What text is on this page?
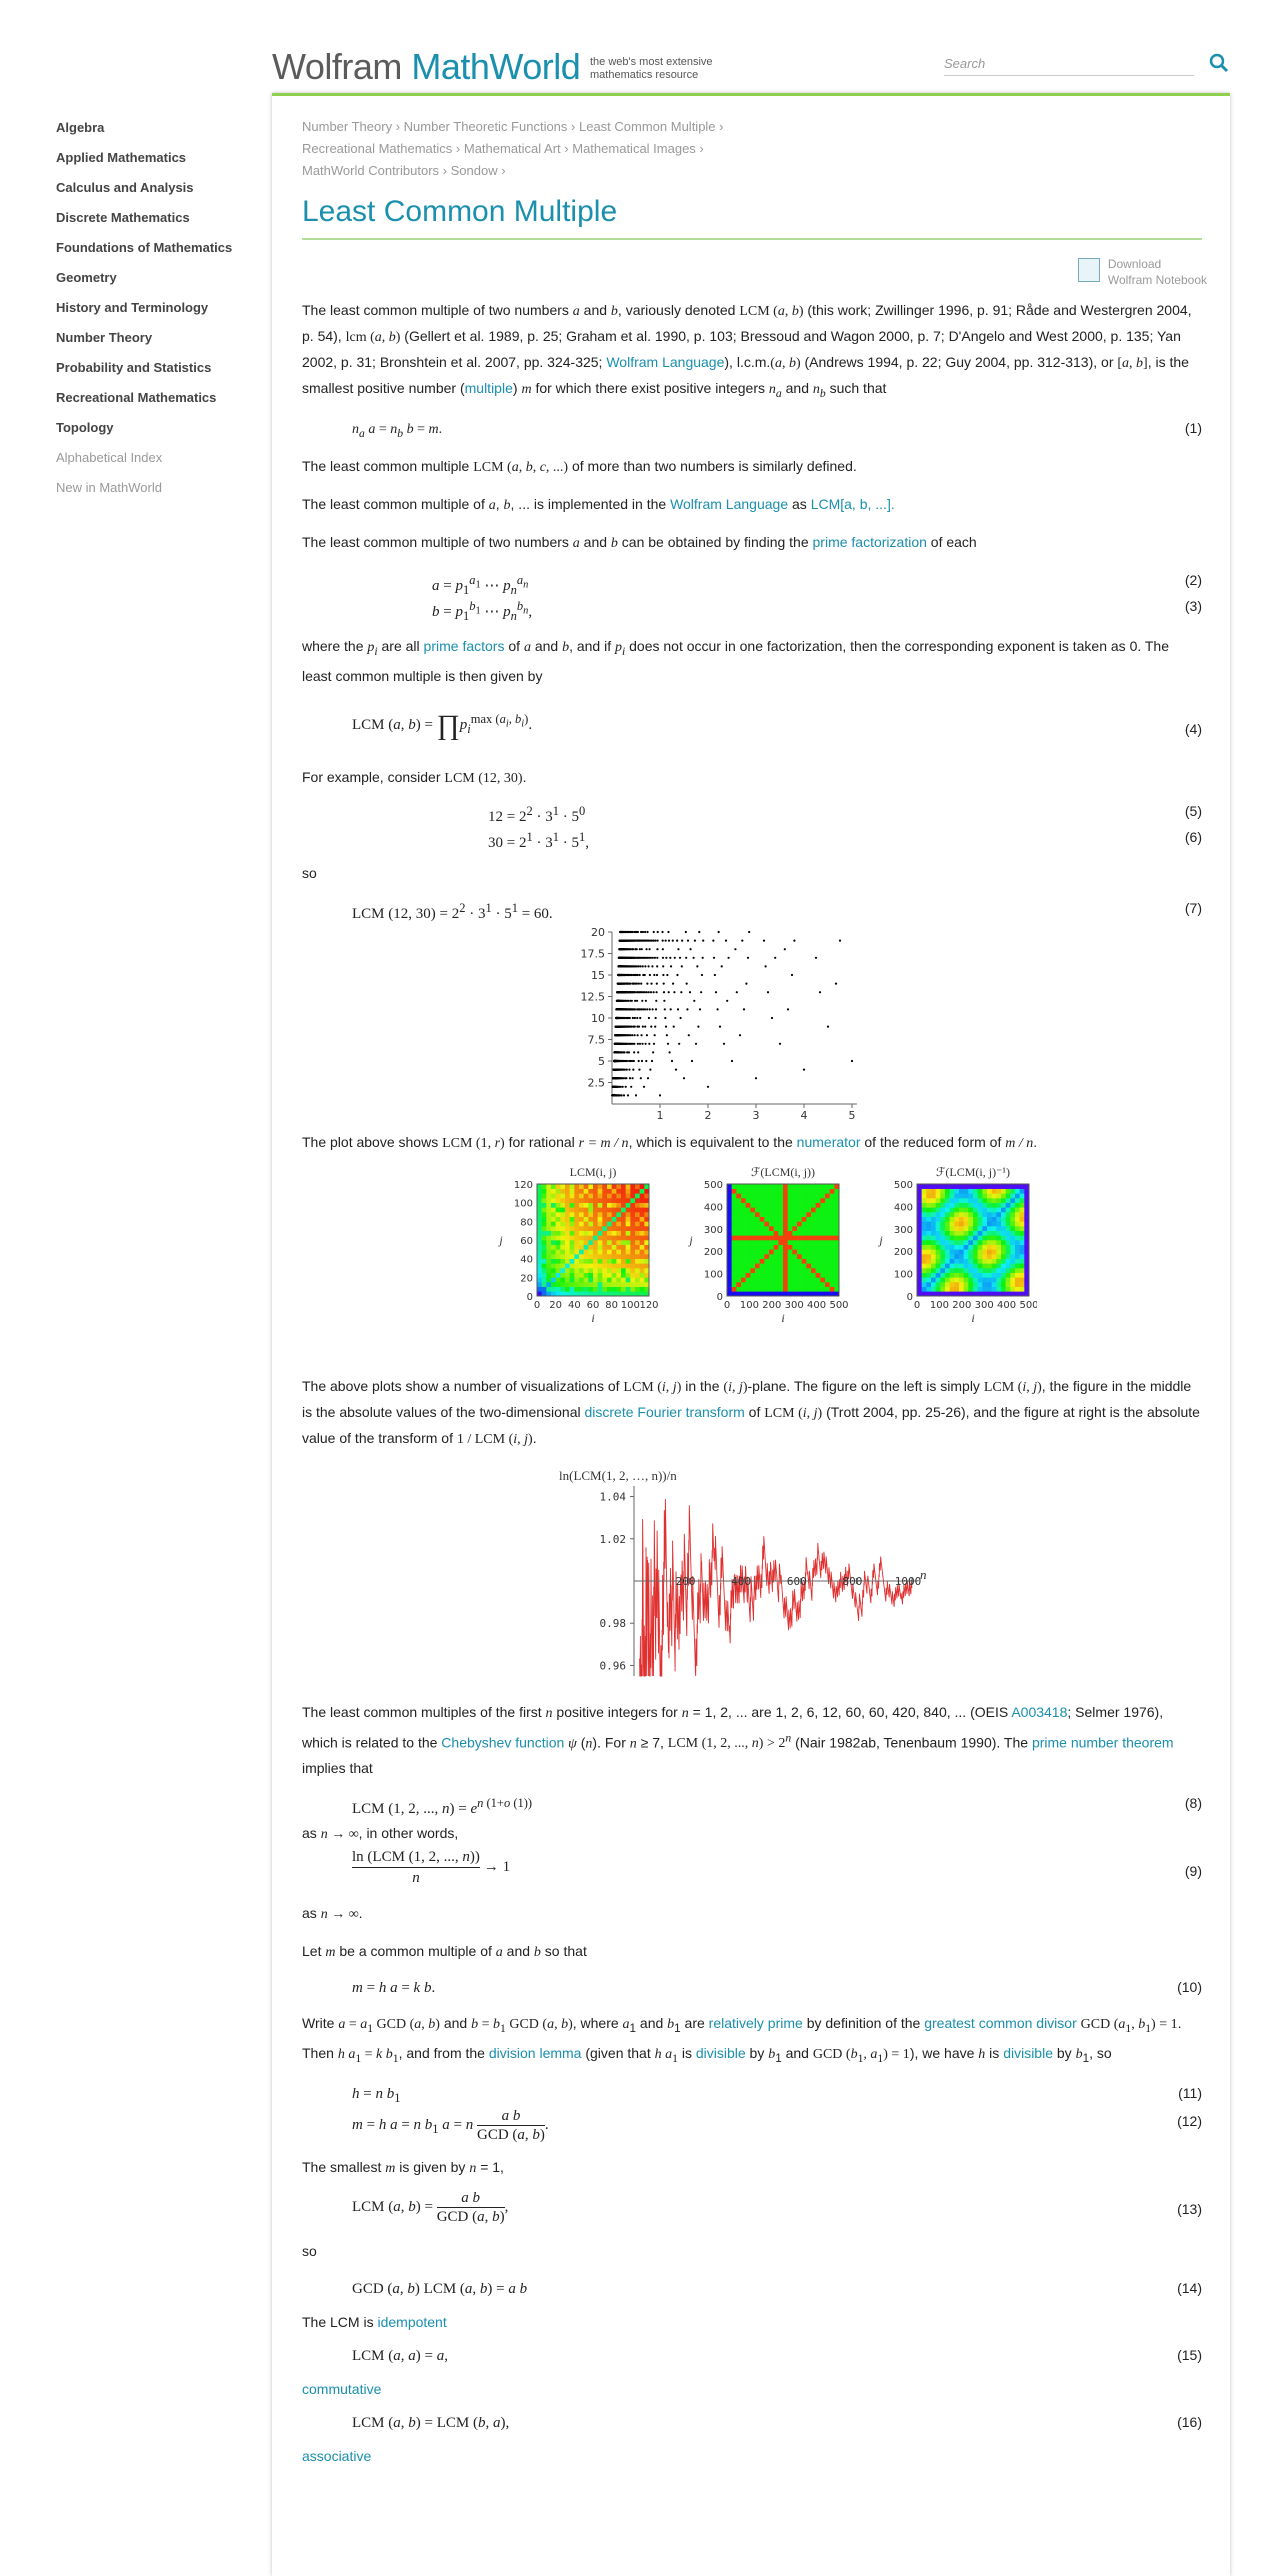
Wolfram MathWorld the web's most extensive mathematics resource
Search
Algebra
Applied Mathematics
Calculus and Analysis
Discrete Mathematics
Foundations of Mathematics
Geometry
History and Terminology
Number Theory
Probability and Statistics
Recreational Mathematics
Topology
Alphabetical Index
New in MathWorld
Number Theory › Number Theoretic Functions › Least Common Multiple ›
Recreational Mathematics › Mathematical Art › Mathematical Images ›
MathWorld Contributors › Sondow ›
Least Common Multiple
Download
Wolfram Notebook

The least common multiple of two numbers a and b, variously denoted LCM (a, b) (this work; Zwillinger 1996, p. 91; Råde and Westergren 2004, p. 54), lcm (a, b) (Gellert et al. 1989, p. 25; Graham et al. 1990, p. 103; Bressoud and Wagon 2000, p. 7; D'Angelo and West 2000, p. 135; Yan 2002, p. 31; Bronshtein et al. 2007, pp. 324-325; Wolfram Language), l.c.m.(a, b) (Andrews 1994, p. 22; Guy 2004, pp. 312-313), or [a, b], is the smallest positive number (multiple) m for which there exist positive integers $n_a$ and $n_b$ such that

$n_a$ $a = n_b$ b = m.	(1)

The least common multiple LCM (a, b, c, ...) of more than two numbers is similarly defined.

The least common multiple of a, b, ... is implemented in the Wolfram Language as LCM[a, b, ...].

The least common multiple of two numbers a and b can be obtained by finding the prime factorization of each

$a = p_1^{a_1}$ ⋯ $p_n^{a_n}$	(2)
$b = p_1^{b_1}$ ⋯ $p_n^{b_n}$,	(3)

where the $p_i$ are all prime factors of a and b, and if $p_i$ does not occur in one factorization, then the corresponding exponent is taken as 0. The least common multiple is then given by

LCM (a, $b) = \prod p_i^{max (a_i, b_i)}$.	(4)

For example, consider LCM (12, 30).

$12 = 2^2 \cdot 3^1 \cdot 5^0$	(5)
$30 = 2^1 \cdot 3^1 \cdot 5^1$,	(6)

so

LCM (12, $30) = 2^2 \cdot 3^1 \cdot 5^1 = 60$.	(7)
1	2	3	4	5
2.5
5
7.5
10
12.5
15
17.5
20

The plot above shows LCM (1, r) for rational r = m / n, which is equivalent to the numerator of the reduced form of m / n.

LCM(i, j)
0 20 40 60 80 100 120
0
20
40
60
80
100
120
i
j
ℱ(LCM(i, j))
0 100 200 300 400 500
0
100
200
300
400
500
i
j
ℱ(LCM(i, j)⁻¹)
0 100 200 300 400 500
0
100
200
300
400
500
i
j

The above plots show a number of visualizations of LCM (i, j) in the (i, j)-plane. The figure on the left is simply LCM (i, j), the figure in the middle is the absolute values of the two-dimensional discrete Fourier transform of LCM (i, j) (Trott 2004, pp. 25-26), and the figure at right is the absolute value of the transform of 1 / LCM (i, j).

ln(LCM(1, 2, …, n))/n
200	400	600	800	1000
n
1.04
1.02
0.98
0.96

The least common multiples of the first n positive integers for n = 1, 2, ... are 1, 2, 6, 12, 60, 60, 420, 840, ... (OEIS A003418; Selmer 1976), which is related to the Chebyshev function ψ (n). For n ≥ 7, LCM (1, 2, ..., $n) > 2^n$ (Nair 1982ab, Tenenbaum 1990). The prime number theorem implies that

LCM (1, 2, ..., $n) = e^{n (1+o (1))}$	(8)

as n → ∞, in other words,

ln (LCM (1, 2, ..., n))
n
→ 1	(9)

as n → ∞.

Let m be a common multiple of a and b so that

m = h a = k b.	(10)

Write $a = a_1$ GCD (a, b) and $b = b_1$ GCD (a, b), where $a_1$ and $b_1$ are relatively prime by definition of the greatest common divisor GCD ($a_1$, $b_1) = 1$. Then h $a_1 = k$ $b_1$, and from the division lemma (given that h $a_1$ is divisible by $b_1$ and GCD ($b_1$, $a_1) = 1$), we have h is divisible by $b_1$, so

h = n $b_1$	(11)
m = h a = n $b_1$ a = n
a b
GCD (a, b)
.	(12)

The smallest m is given by n = 1,

LCM (a, b) =
a b
GCD (a, b)
,	(13)

so

GCD (a, b) LCM (a, b) = a b	(14)

The LCM is idempotent

LCM (a, a) = a,	(15)

commutative

LCM (a, b) = LCM (b, a),	(16)

associative
